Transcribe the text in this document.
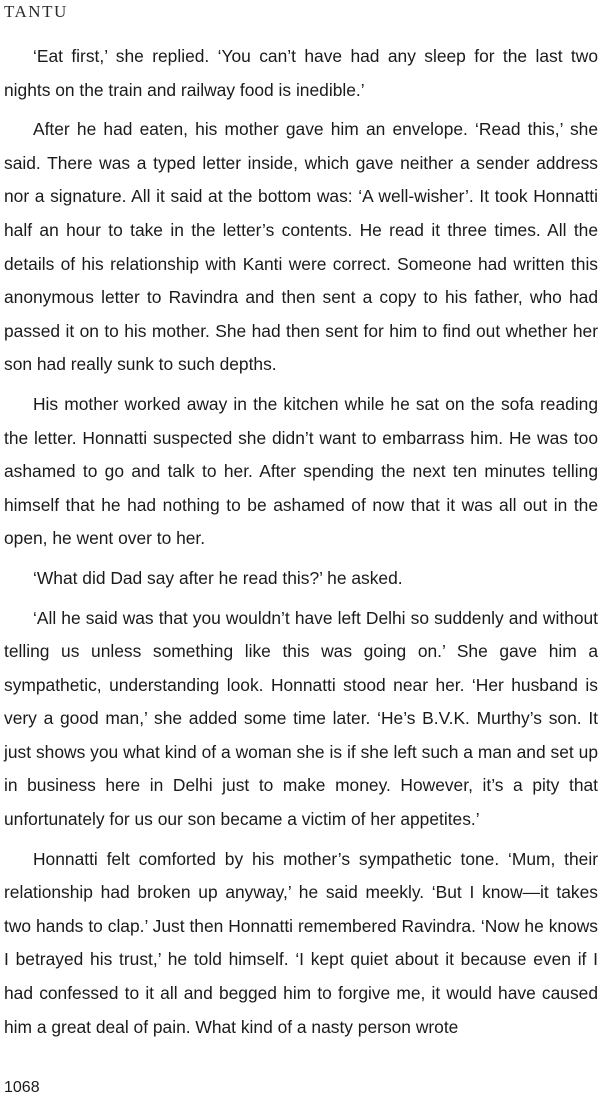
TANTU

‘Eat first,’ she replied. ‘You can’t have had any sleep for the last two nights on the train and railway food is inedible.’

After he had eaten, his mother gave him an envelope. ‘Read this,’ she said. There was a typed letter inside, which gave neither a sender address nor a signature. All it said at the bottom was: ‘A well-wisher’. It took Honnatti half an hour to take in the letter’s contents. He read it three times. All the details of his relationship with Kanti were correct. Someone had written this anonymous letter to Ravindra and then sent a copy to his father, who had passed it on to his mother. She had then sent for him to find out whether her son had really sunk to such depths.

His mother worked away in the kitchen while he sat on the sofa reading the letter. Honnatti suspected she didn’t want to embarrass him. He was too ashamed to go and talk to her. After spending the next ten minutes telling himself that he had nothing to be ashamed of now that it was all out in the open, he went over to her.

‘What did Dad say after he read this?’ he asked.

‘All he said was that you wouldn’t have left Delhi so suddenly and without telling us unless something like this was going on.’ She gave him a sympathetic, understanding look. Honnatti stood near her. ‘Her husband is very a good man,’ she added some time later. ‘He’s B.V.K. Murthy’s son. It just shows you what kind of a woman she is if she left such a man and set up in business here in Delhi just to make money. However, it’s a pity that unfortunately for us our son became a victim of her appetites.’

Honnatti felt comforted by his mother’s sympathetic tone. ‘Mum, their relationship had broken up anyway,’ he said meekly. ‘But I know—it takes two hands to clap.’ Just then Honnatti remembered Ravindra. ‘Now he knows I betrayed his trust,’ he told himself. ‘I kept quiet about it because even if I had confessed to it all and begged him to forgive me, it would have caused him a great deal of pain. What kind of a nasty person wrote

1068
